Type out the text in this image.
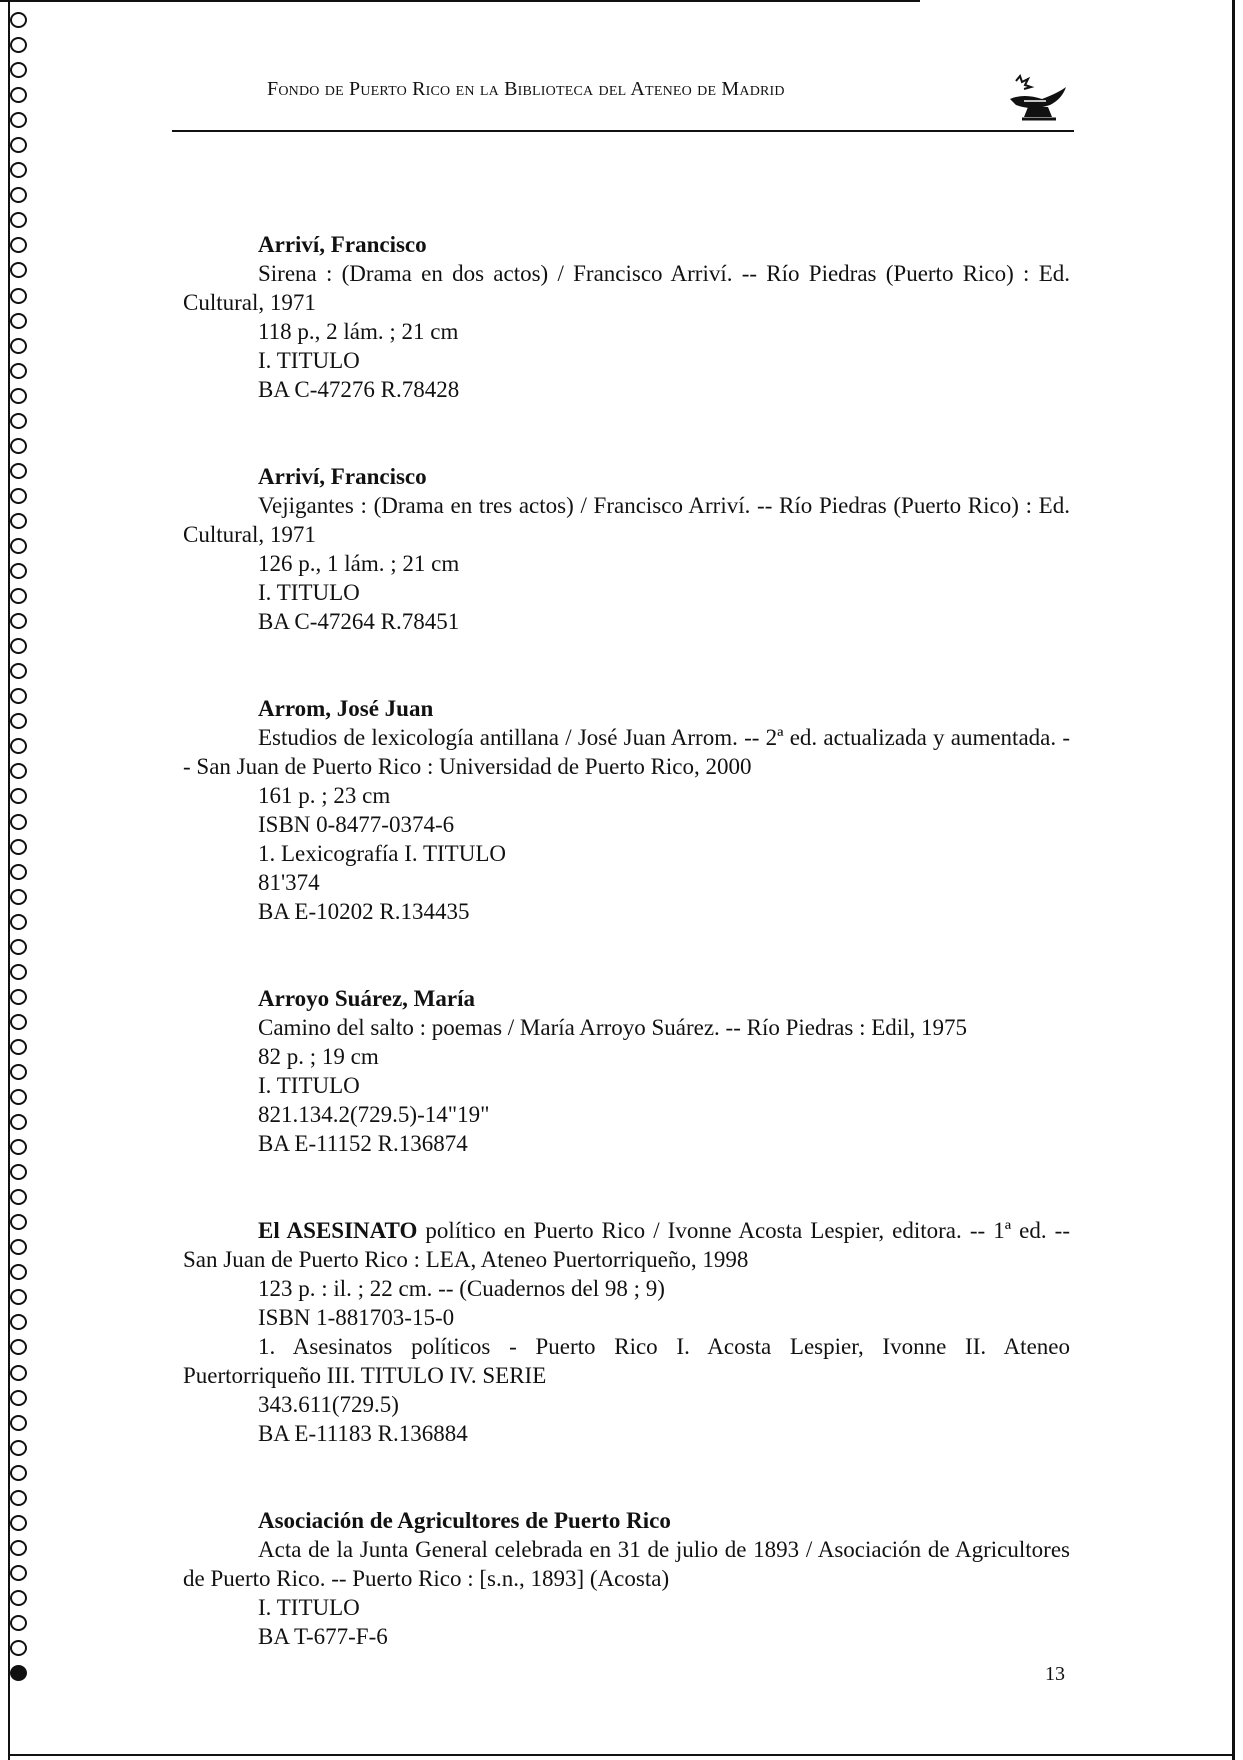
Fondo de Puerto Rico en la Biblioteca del Ateneo de Madrid

Arriví, Francisco

Sirena : (Drama en dos actos) / Francisco Arriví. -- Río Piedras (Puerto Rico) : Ed. Cultural, 1971

118 p., 2 lám. ; 21 cm

I. TITULO

BA C-47276 R.78428

Arriví, Francisco

Vejigantes : (Drama en tres actos) / Francisco Arriví. -- Río Piedras (Puerto Rico) : Ed. Cultural, 1971

126 p., 1 lám. ; 21 cm

I. TITULO

BA C-47264 R.78451

Arrom, José Juan

Estudios de lexicología antillana / José Juan Arrom. -- 2ª ed. actualizada y aumentada. -- San Juan de Puerto Rico : Universidad de Puerto Rico, 2000

161 p. ; 23 cm

ISBN 0-8477-0374-6

1. Lexicografía I. TITULO

81'374

BA E-10202 R.134435

Arroyo Suárez, María

Camino del salto : poemas / María Arroyo Suárez. -- Río Piedras : Edil, 1975

82 p. ; 19 cm

I. TITULO

821.134.2(729.5)-14"19"

BA E-11152 R.136874

El ASESINATO político en Puerto Rico / Ivonne Acosta Lespier, editora. -- 1ª ed. -- San Juan de Puerto Rico : LEA, Ateneo Puertorriqueño, 1998

123 p. : il. ; 22 cm. -- (Cuadernos del 98 ; 9)

ISBN 1-881703-15-0

1. Asesinatos políticos - Puerto Rico I. Acosta Lespier, Ivonne II. Ateneo Puertorriqueño III. TITULO IV. SERIE

343.611(729.5)

BA E-11183 R.136884

Asociación de Agricultores de Puerto Rico

Acta de la Junta General celebrada en 31 de julio de 1893 / Asociación de Agricultores de Puerto Rico. -- Puerto Rico : [s.n., 1893] (Acosta)

I. TITULO

BA T-677-F-6

13
